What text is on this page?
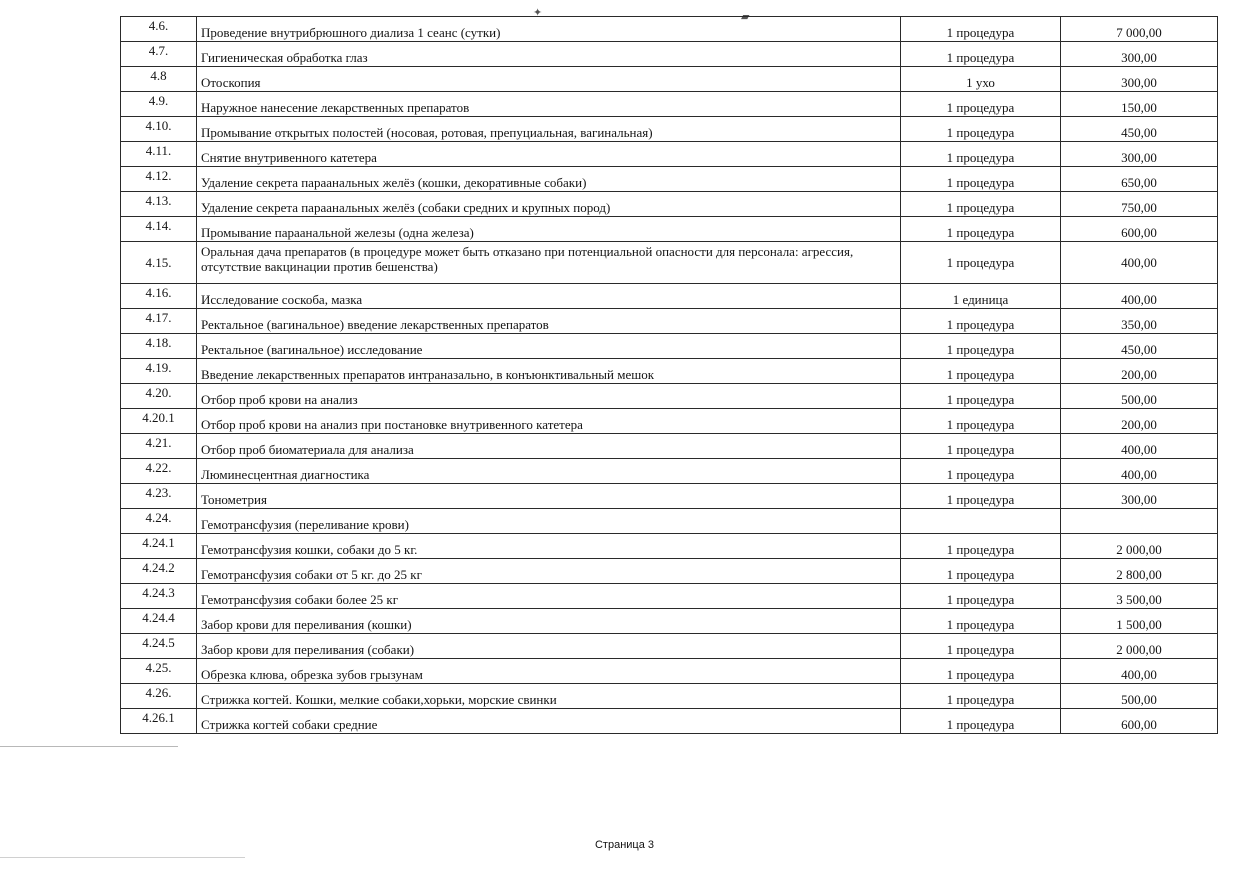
✦	▰
4.6.	Проведение внутрибрюшного диализа 1 сеанс (сутки)	1 процедура	7 000,00
4.7.	Гигиеническая обработка глаз	1 процедура	300,00
4.8	Отоскопия	1 ухо	300,00
4.9.	Наружное нанесение лекарственных препаратов	1 процедура	150,00
4.10.	Промывание открытых полостей (носовая, ротовая, препуциальная, вагинальная)	1 процедура	450,00
4.11.	Снятие внутривенного катетера	1 процедура	300,00
4.12.	Удаление секрета параанальных желёз (кошки, декоративные собаки)	1 процедура	650,00
4.13.	Удаление секрета параанальных желёз (собаки средних и крупных пород)	1 процедура	750,00
4.14.	Промывание параанальной железы (одна железа)	1 процедура	600,00
4.15.	Оральная дача препаратов (в процедуре может быть отказано при потенциальной опасности для персонала: агрессия, отсутствие вакцинации против бешенства)	1 процедура	400,00
4.16.	Исследование соскоба, мазка	1 единица	400,00
4.17.	Ректальное (вагинальное) введение лекарственных препаратов	1 процедура	350,00
4.18.	Ректальное (вагинальное) исследование	1 процедура	450,00
4.19.	Введение лекарственных препаратов интраназально, в конъюнктивальный мешок	1 процедура	200,00
4.20.	Отбор проб крови на анализ	1 процедура	500,00
4.20.1	Отбор проб крови на анализ при постановке внутривенного катетера	1 процедура	200,00
4.21.	Отбор проб биоматериала для анализа	1 процедура	400,00
4.22.	Люминесцентная диагностика	1 процедура	400,00
4.23.	Тонометрия	1 процедура	300,00
4.24.	Гемотрансфузия (переливание крови)		
4.24.1	Гемотрансфузия кошки, собаки до 5 кг.	1 процедура	2 000,00
4.24.2	Гемотрансфузия собаки от 5 кг. до 25 кг	1 процедура	2 800,00
4.24.3	Гемотрансфузия собаки более 25 кг	1 процедура	3 500,00
4.24.4	Забор крови для переливания (кошки)	1 процедура	1 500,00
4.24.5	Забор крови для переливания (собаки)	1 процедура	2 000,00
4.25.	Обрезка клюва, обрезка зубов грызунам	1 процедура	400,00
4.26.	Стрижка когтей. Кошки, мелкие собаки,хорьки, морские свинки	1 процедура	500,00
4.26.1	Стрижка когтей собаки средние	1 процедура	600,00
Страница 3
